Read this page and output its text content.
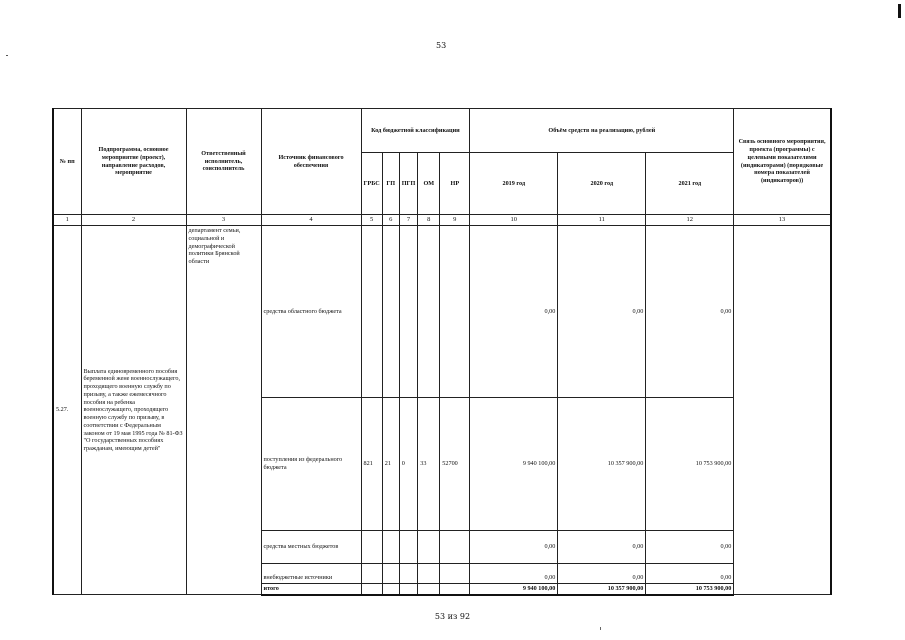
53
№ пп	Подпрограмма, основное мероприятие (проект), направление расходов, мероприятие	Ответственный исполнитель, соисполнитель	Источник финансового обеспечения	Код бюджетной классификации					Объём средств на реализацию, рублей			Связь основного мероприятия, проекта (программы) с целевыми показателями (индикаторами) (порядковые номера показателей (индикаторов))
				ГРБС	ГП	ПГП	ОМ	НР	2019 год	2020 год	2021 год	
1	2	3	4	5	6	7	8	9	10	11	12	13
5.27.	Выплата единовременного пособия беременной жене военнослужащего, проходящего военную службу по призыву, а также ежемесячного пособия на ребенка военнослужащего, проходящего военную службу по призыву, в соответствии с Федеральным законом от 19 мая 1995 года № 81-ФЗ "О государственных пособиях гражданам, имеющим детей"	департамент семьи, социальной и демографической политики Брянской области	средства областного бюджета						0,00	0,00	0,00	
			поступления из федерального бюджета	821	21	0	33	52700	9 940 100,00	10 357 900,00	10 753 900,00	
			средства местных бюджетов						0,00	0,00	0,00	
			внебюджетные источники						0,00	0,00	0,00	
			итого						9 940 100,00	10 357 900,00	10 753 900,00	
53 из 92
